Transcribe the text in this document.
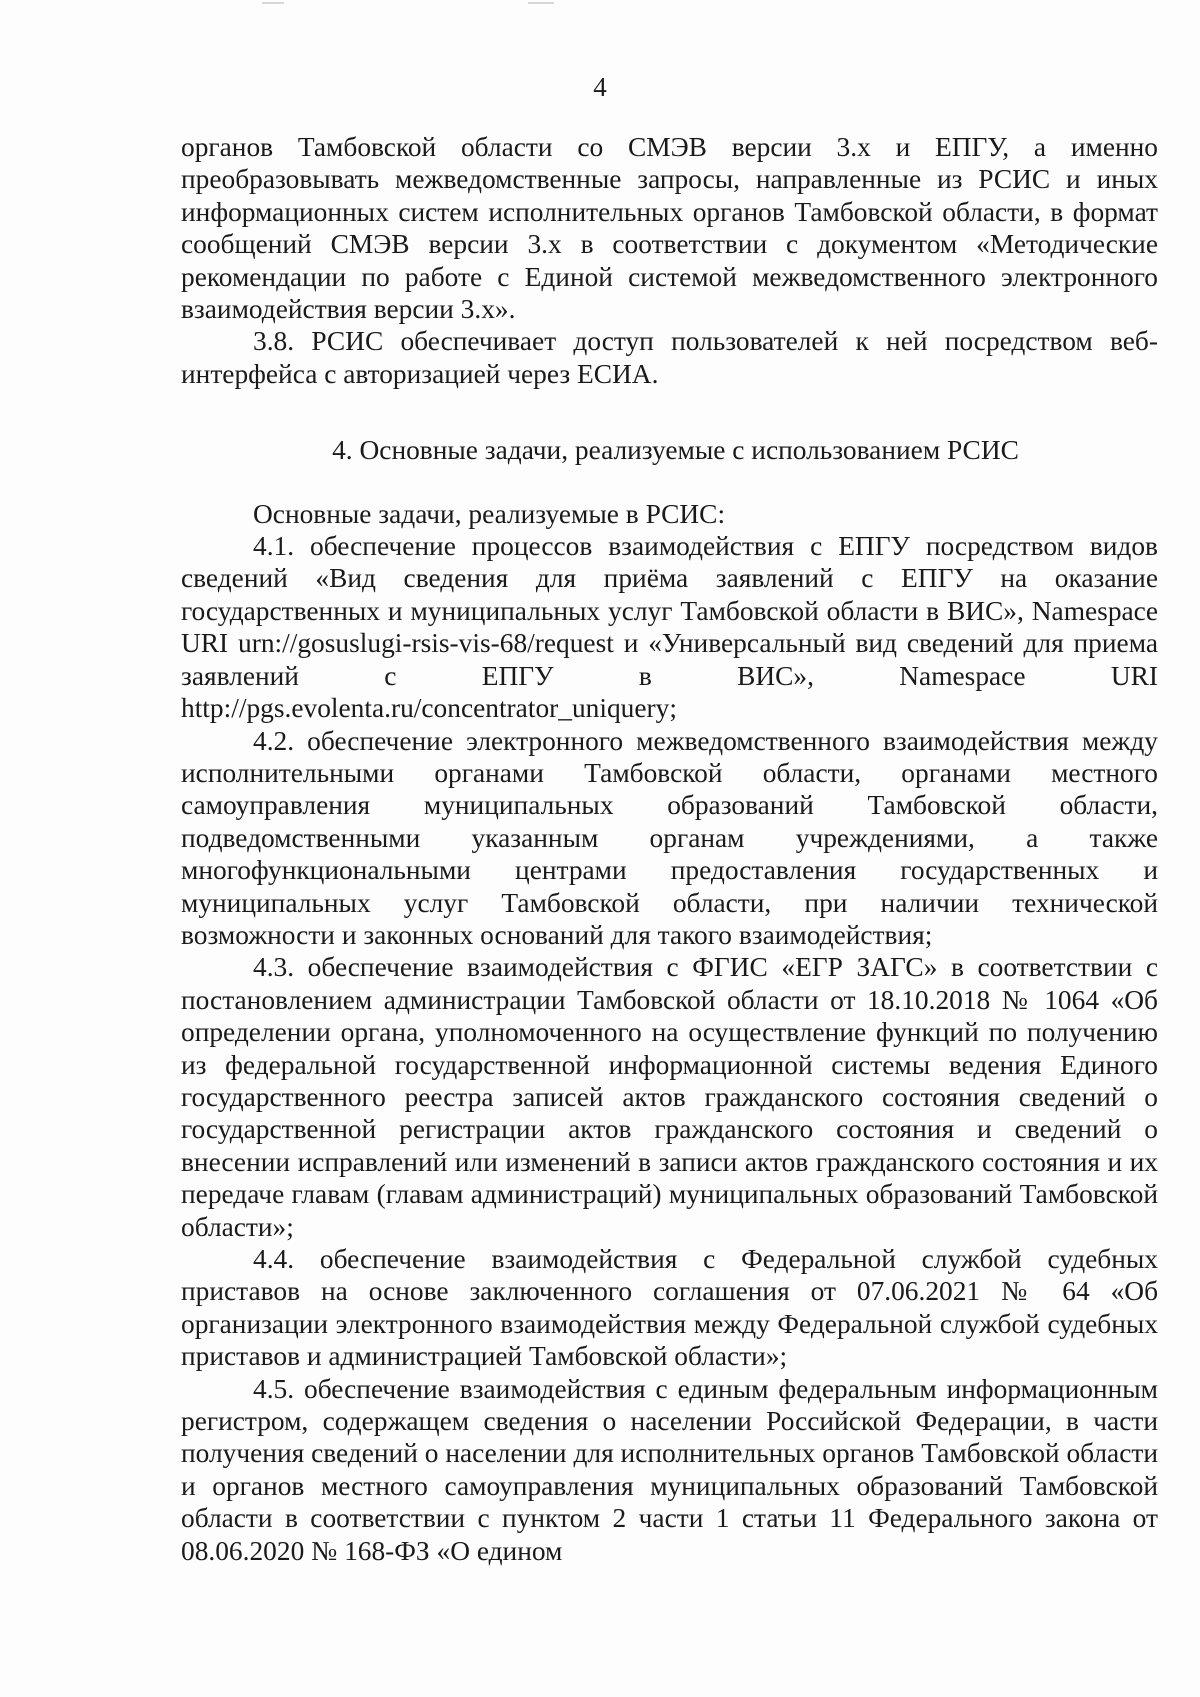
4

органов Тамбовской области со СМЭВ версии 3.х и ЕПГУ, а именно преобразовывать межведомственные запросы, направленные из РСИС и иных информационных систем исполнительных органов Тамбовской области, в формат сообщений СМЭВ версии 3.х в соответствии с документом «Методические рекомендации по работе с Единой системой межведомственного электронного взаимодействия версии 3.х».

3.8. РСИС обеспечивает доступ пользователей к ней посредством веб-интерфейса с авторизацией через ЕСИА.

4. Основные задачи, реализуемые с использованием РСИС

Основные задачи, реализуемые в РСИС:

4.1. обеспечение процессов взаимодействия с ЕПГУ посредством видов сведений «Вид сведения для приёма заявлений с ЕПГУ на оказание государственных и муниципальных услуг Тамбовской области в ВИС», Namespace URI urn://gosuslugi-rsis-vis-68/request и «Универсальный вид сведений для приема заявлений с ЕПГУ в ВИС», Namespace URI http://pgs.evolenta.ru/concentrator_uniquery;

4.2. обеспечение электронного межведомственного взаимодействия между исполнительными органами Тамбовской области, органами местного самоуправления муниципальных образований Тамбовской области, подведомственными указанным органам учреждениями, а также многофункциональными центрами предоставления государственных и муниципальных услуг Тамбовской области, при наличии технической возможности и законных оснований для такого взаимодействия;

4.3. обеспечение взаимодействия с ФГИС «ЕГР ЗАГС» в соответствии с постановлением администрации Тамбовской области от 18.10.2018 № 1064 «Об определении органа, уполномоченного на осуществление функций по получению из федеральной государственной информационной системы ведения Единого государственного реестра записей актов гражданского состояния сведений о государственной регистрации актов гражданского состояния и сведений о внесении исправлений или изменений в записи актов гражданского состояния и их передаче главам (главам администраций) муниципальных образований Тамбовской области»;

4.4. обеспечение взаимодействия с Федеральной службой судебных приставов на основе заключенного соглашения от 07.06.2021 № 64 «Об организации электронного взаимодействия между Федеральной службой судебных приставов и администрацией Тамбовской области»;

4.5. обеспечение взаимодействия с единым федеральным информационным регистром, содержащем сведения о населении Российской Федерации, в части получения сведений о населении для исполнительных органов Тамбовской области и органов местного самоуправления муниципальных образований Тамбовской области в соответствии с пунктом 2 части 1 статьи 11 Федерального закона от 08.06.2020 № 168-ФЗ «О едином
